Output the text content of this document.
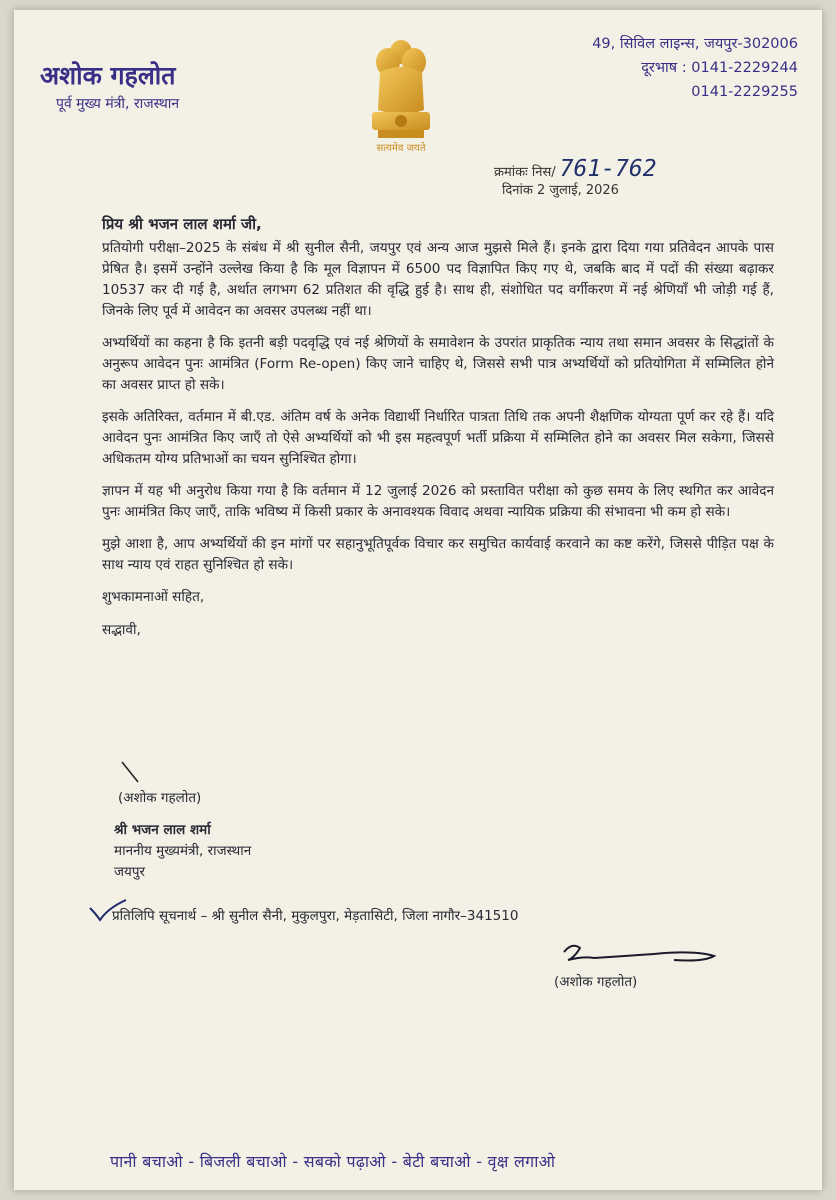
अशोक गहलोत
पूर्व मुख्य मंत्री, राजस्थान
सत्यमेव जयते
49, सिविल लाइन्स, जयपुर-302006
दूरभाष : 0141-2229244
0141-2229255
क्रमांकः निस/ 761-762
दिनांक 2 जुलाई, 2026
प्रिय श्री भजन लाल शर्मा जी,

प्रतियोगी परीक्षा–2025 के संबंध में श्री सुनील सैनी, जयपुर एवं अन्य आज मुझसे मिले हैं। इनके द्वारा दिया गया प्रतिवेदन आपके पास प्रेषित है। इसमें उन्होंने उल्लेख किया है कि मूल विज्ञापन में 6500 पद विज्ञापित किए गए थे, जबकि बाद में पदों की संख्या बढ़ाकर 10537 कर दी गई है, अर्थात लगभग 62 प्रतिशत की वृद्धि हुई है। साथ ही, संशोधित पद वर्गीकरण में नई श्रेणियाँ भी जोड़ी गई हैं, जिनके लिए पूर्व में आवेदन का अवसर उपलब्ध नहीं था।

अभ्यर्थियों का कहना है कि इतनी बड़ी पदवृद्धि एवं नई श्रेणियों के समावेशन के उपरांत प्राकृतिक न्याय तथा समान अवसर के सिद्धांतों के अनुरूप आवेदन पुनः आमंत्रित (Form Re-open) किए जाने चाहिए थे, जिससे सभी पात्र अभ्यर्थियों को प्रतियोगिता में सम्मिलित होने का अवसर प्राप्त हो सके।

इसके अतिरिक्त, वर्तमान में बी.एड. अंतिम वर्ष के अनेक विद्यार्थी निर्धारित पात्रता तिथि तक अपनी शैक्षणिक योग्यता पूर्ण कर रहे हैं। यदि आवेदन पुनः आमंत्रित किए जाएँ तो ऐसे अभ्यर्थियों को भी इस महत्वपूर्ण भर्ती प्रक्रिया में सम्मिलित होने का अवसर मिल सकेगा, जिससे अधिकतम योग्य प्रतिभाओं का चयन सुनिश्चित होगा।

ज्ञापन में यह भी अनुरोध किया गया है कि वर्तमान में 12 जुलाई 2026 को प्रस्तावित परीक्षा को कुछ समय के लिए स्थगित कर आवेदन पुनः आमंत्रित किए जाएँ, ताकि भविष्य में किसी प्रकार के अनावश्यक विवाद अथवा न्यायिक प्रक्रिया की संभावना भी कम हो सके।

मुझे आशा है, आप अभ्यर्थियों की इन मांगों पर सहानुभूतिपूर्वक विचार कर समुचित कार्यवाई करवाने का कष्ट करेंगे, जिससे पीड़ित पक्ष के साथ न्याय एवं राहत सुनिश्चित हो सके।

शुभकामनाओं सहित,
सद्भावी,
(अशोक गहलोत)
श्री भजन लाल शर्मा
माननीय मुख्यमंत्री, राजस्थान
जयपुर
प्रतिलिपि सूचनार्थ – श्री सुनील सैनी, मुकुलपुरा, मेड़तासिटी, जिला नागौर–341510
(अशोक गहलोत)
पानी बचाओ - बिजली बचाओ - सबको पढ़ाओ - बेटी बचाओ - वृक्ष लगाओ
